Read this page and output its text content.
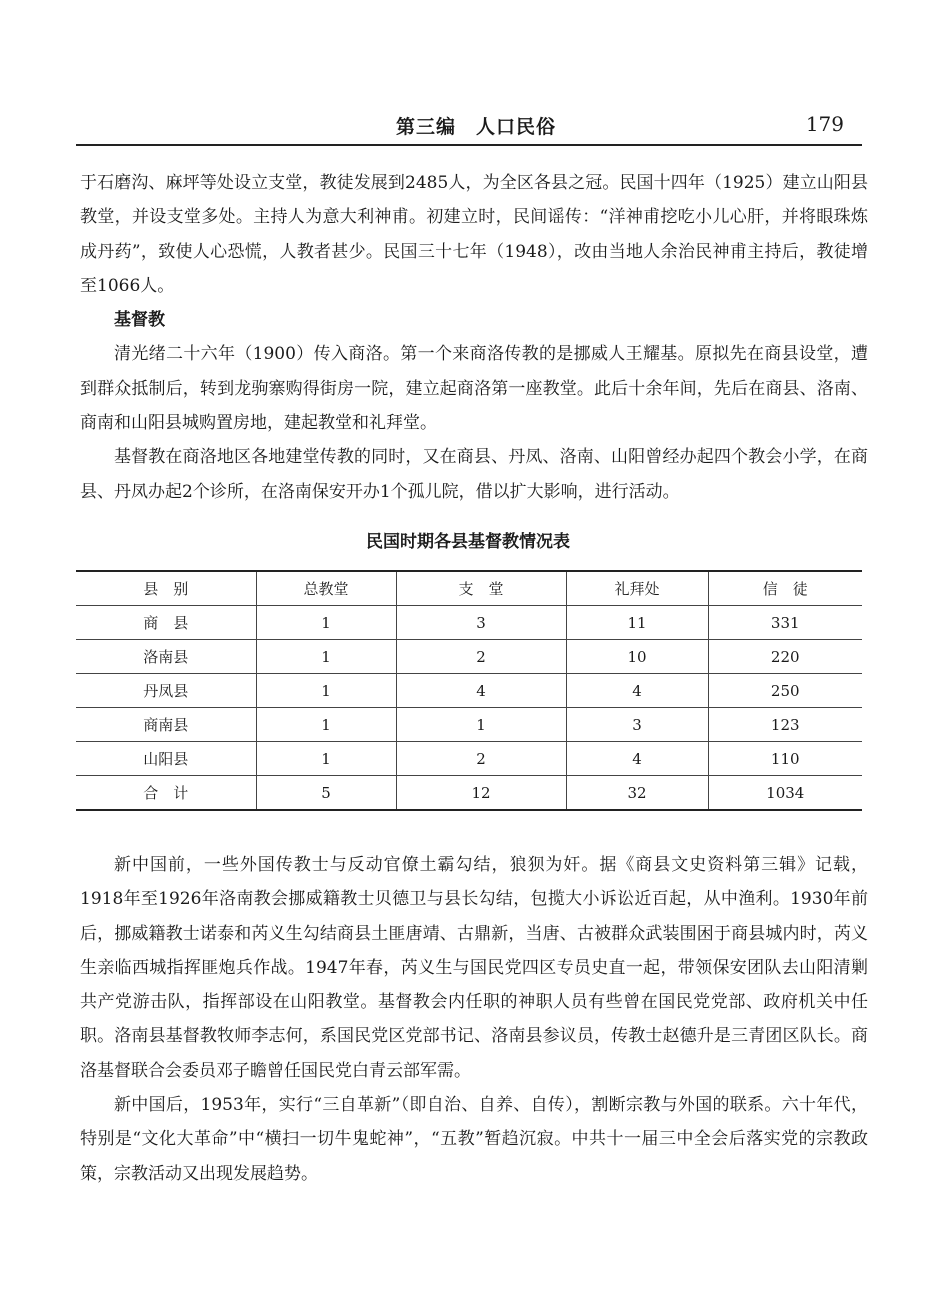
第三编　人口民俗	179

于石磨沟、麻坪等处设立支堂，教徒发展到2485人，为全区各县之冠。民国十四年（1925）建立山阳县教堂，并设支堂多处。主持人为意大利神甫。初建立时，民间谣传：“洋神甫挖吃小儿心肝，并将眼珠炼成丹药”，致使人心恐慌，人教者甚少。民国三十七年（1948），改由当地人余治民神甫主持后，教徒增至1066人。

基督教

清光绪二十六年（1900）传入商洛。第一个来商洛传教的是挪威人王耀基。原拟先在商县设堂，遭到群众抵制后，转到龙驹寨购得街房一院，建立起商洛第一座教堂。此后十余年间，先后在商县、洛南、商南和山阳县城购置房地，建起教堂和礼拜堂。

基督教在商洛地区各地建堂传教的同时，又在商县、丹凤、洛南、山阳曾经办起四个教会小学，在商县、丹凤办起2个诊所，在洛南保安开办1个孤儿院，借以扩大影响，进行活动。

民国时期各县基督教情况表
县　别	总教堂	支　堂	礼拜处	信　徒
商　县	1	3	11	331
洛南县	1	2	10	220
丹凤县	1	4	4	250
商南县	1	1	3	123
山阳县	1	2	4	110
合　计	5	12	32	1034

新中国前，一些外国传教士与反动官僚土霸勾结，狼狈为奸。据《商县文史资料第三辑》记载，1918年至1926年洛南教会挪威籍教士贝德卫与县长勾结，包揽大小诉讼近百起，从中渔利。1930年前后，挪威籍教士诺泰和芮义生勾结商县土匪唐靖、古鼎新，当唐、古被群众武装围困于商县城内时，芮义生亲临西城指挥匪炮兵作战。1947年春，芮义生与国民党四区专员史直一起，带领保安团队去山阳清剿共产党游击队，指挥部设在山阳教堂。基督教会内任职的神职人员有些曾在国民党党部、政府机关中任职。洛南县基督教牧师李志何，系国民党区党部书记、洛南县参议员，传教士赵德升是三青团区队长。商洛基督联合会委员邓子瞻曾任国民党白青云部军需。

新中国后，1953年，实行“三自革新”（即自治、自养、自传），割断宗教与外国的联系。六十年代，特别是“文化大革命”中“横扫一切牛鬼蛇神”，“五教”暂趋沉寂。中共十一届三中全会后落实党的宗教政策，宗教活动又出现发展趋势。
